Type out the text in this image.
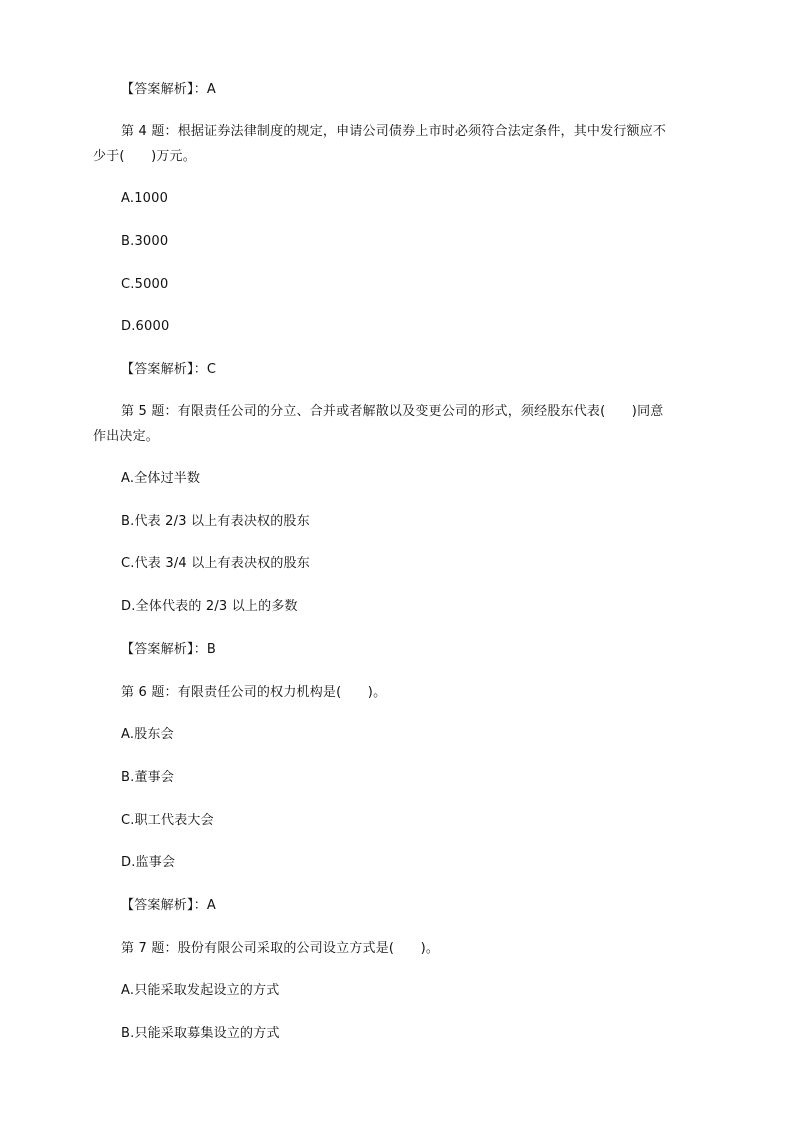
【答案解析】：A
第 4 题：根据证券法律制度的规定，申请公司债券上市时必须符合法定条件，其中发行额应不
少于(　　)万元。
A.1000
B.3000
C.5000
D.6000
【答案解析】：C
第 5 题：有限责任公司的分立、合并或者解散以及变更公司的形式，须经股东代表(　　)同意
作出决定。
A.全体过半数
B.代表 2/3 以上有表决权的股东
C.代表 3/4 以上有表决权的股东
D.全体代表的 2/3 以上的多数
【答案解析】：B
第 6 题：有限责任公司的权力机构是(　　)。
A.股东会
B.董事会
C.职工代表大会
D.监事会
【答案解析】：A
第 7 题：股份有限公司采取的公司设立方式是(　　)。
A.只能采取发起设立的方式
B.只能采取募集设立的方式
